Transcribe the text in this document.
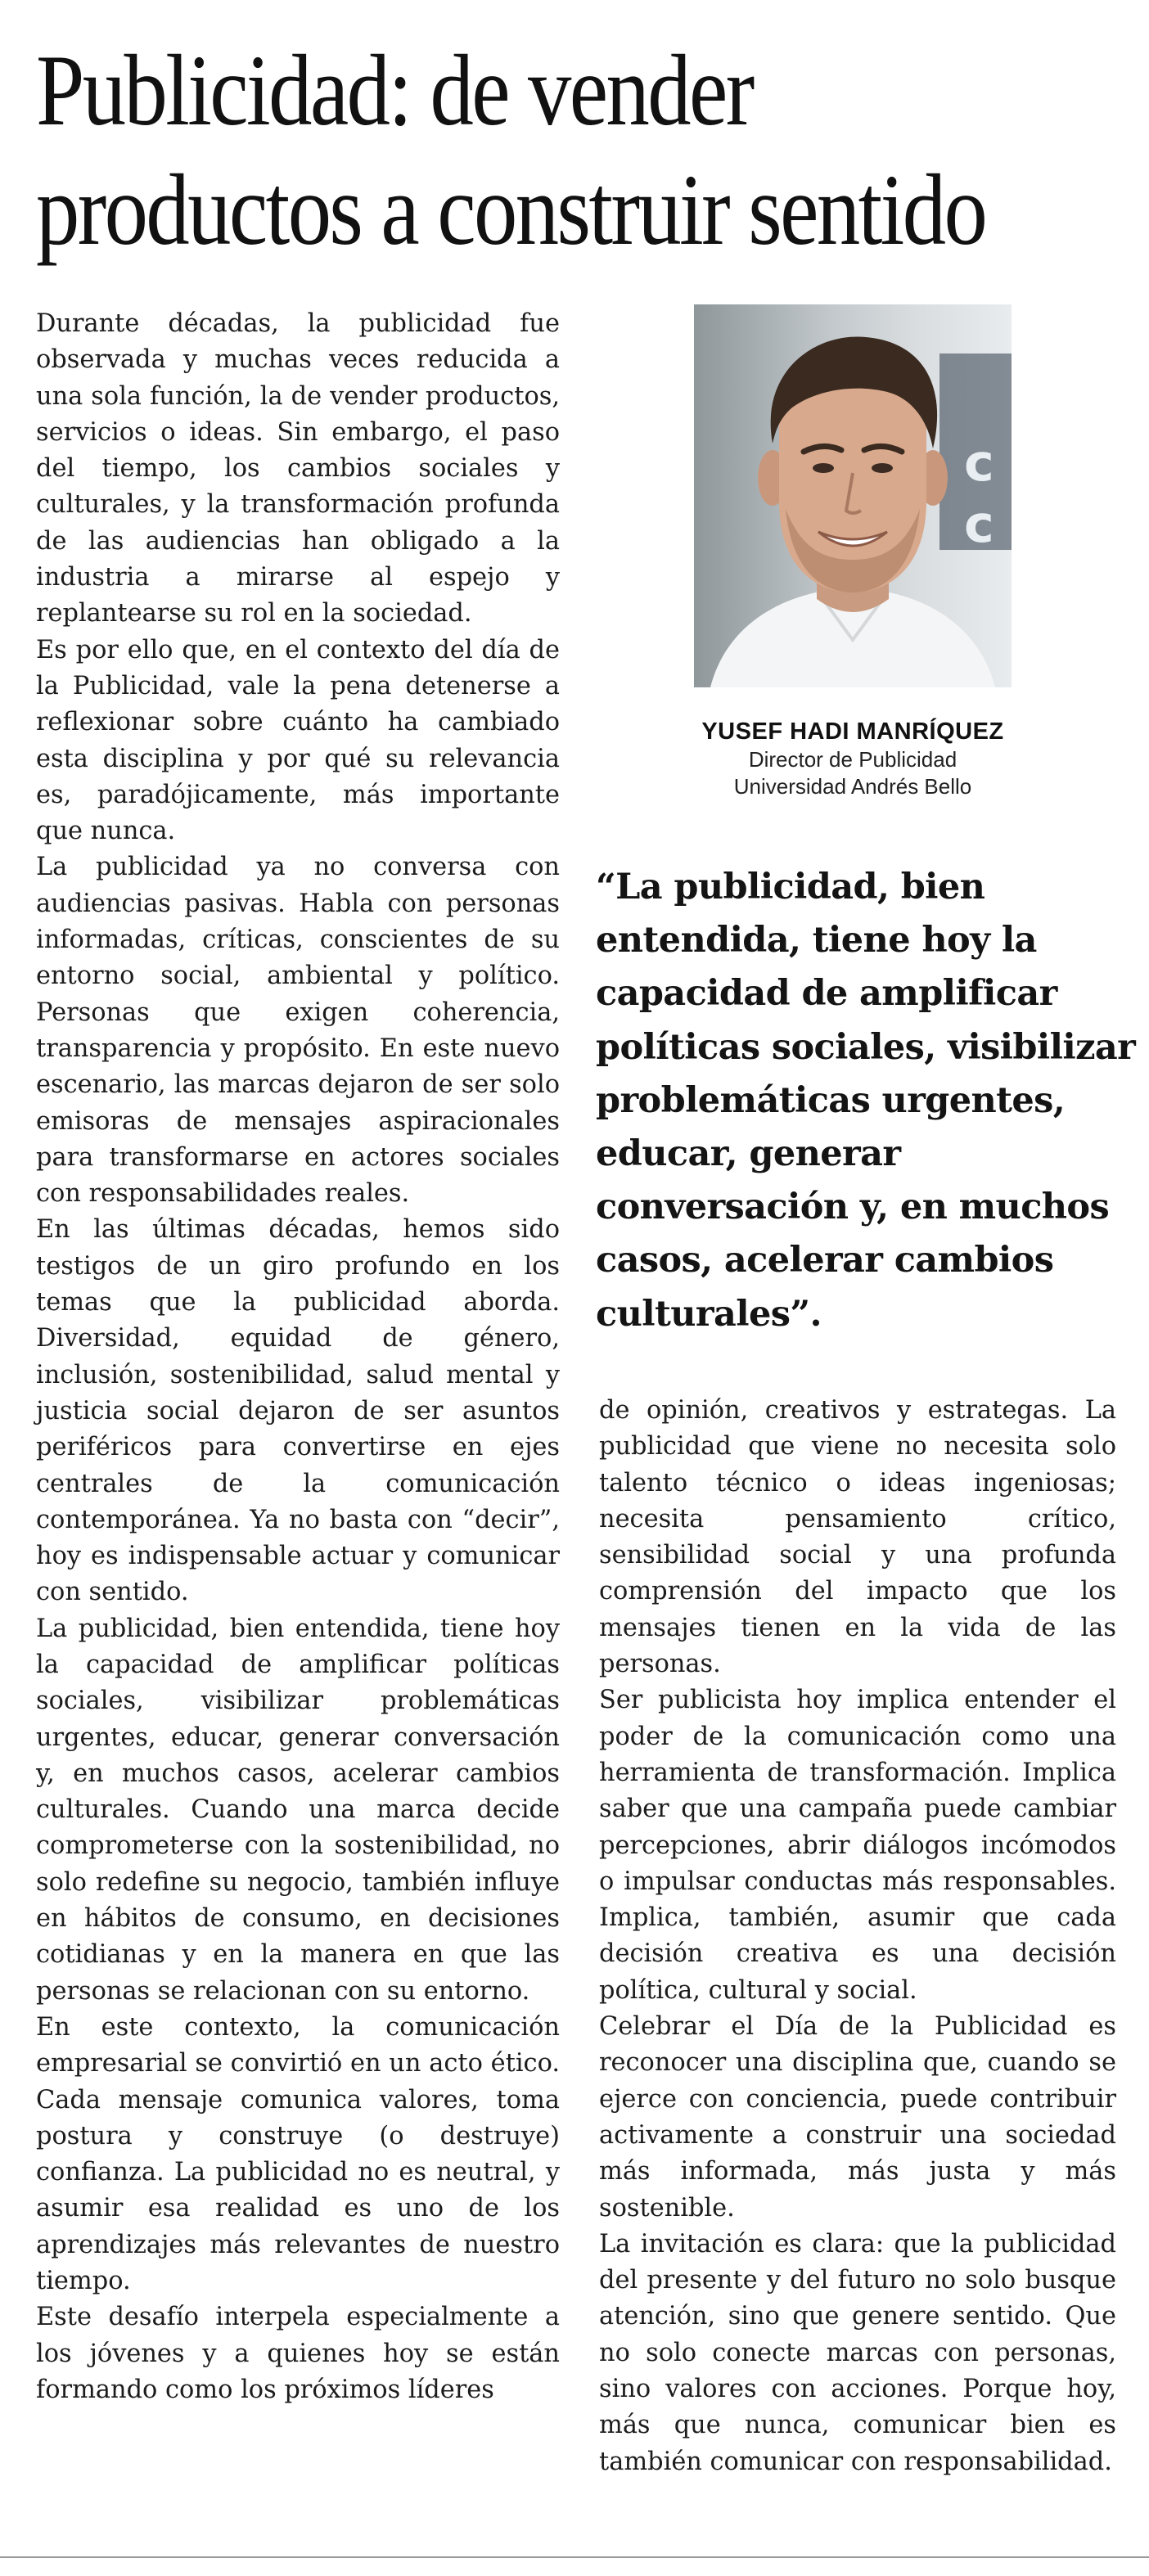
Publicidad: de vender
productos a construir sentido

Durante décadas, la publicidad fue observada y muchas veces reducida a una sola función, la de vender productos, servicios o ideas. Sin embargo, el paso del tiempo, los cambios sociales y culturales, y la transformación profunda de las audiencias han obligado a la industria a mirarse al espejo y replantearse su rol en la sociedad.

Es por ello que, en el contexto del día de la Publicidad, vale la pena detenerse a reflexionar sobre cuánto ha cambiado esta disciplina y por qué su relevancia es, paradójicamente, más importante que nunca.

La publicidad ya no conversa con audiencias pasivas. Habla con personas informadas, críticas, conscientes de su entorno social, ambiental y político. Personas que exigen coherencia, transparencia y propósito. En este nuevo escenario, las marcas dejaron de ser solo emisoras de mensajes aspiracionales para transformarse en actores sociales con responsabilidades reales.

En las últimas décadas, hemos sido testigos de un giro profundo en los temas que la publicidad aborda. Diversidad, equidad de género, inclusión, sostenibilidad, salud mental y justicia social dejaron de ser asuntos periféricos para convertirse en ejes centrales de la comunicación contemporánea. Ya no basta con “decir”, hoy es indispensable actuar y comunicar con sentido.

La publicidad, bien entendida, tiene hoy la capacidad de amplificar políticas sociales, visibilizar problemáticas urgentes, educar, generar conversación y, en muchos casos, acelerar cambios culturales. Cuando una marca decide comprometerse con la sostenibilidad, no solo redefine su negocio, también influye en hábitos de consumo, en decisiones cotidianas y en la manera en que las personas se relacionan con su entorno.

En este contexto, la comunicación empresarial se convirtió en un acto ético. Cada mensaje comunica valores, toma postura y construye (o destruye) confianza. La publicidad no es neutral, y asumir esa realidad es uno de los aprendizajes más relevantes de nuestro tiempo.

Este desafío interpela especialmente a los jóvenes y a quienes hoy se están formando como los próximos líderes

c
c
YUSEF HADI MANRÍQUEZ
Director de Publicidad
Universidad Andrés Bello
“La publicidad, bien
entendida, tiene hoy la
capacidad de amplificar
políticas sociales, visibilizar
problemáticas urgentes,
educar, generar
conversación y, en muchos
casos, acelerar cambios
culturales”.

de opinión, creativos y estrategas. La publicidad que viene no necesita solo talento técnico o ideas ingeniosas; necesita pensamiento crítico, sensibilidad social y una profunda comprensión del impacto que los mensajes tienen en la vida de las personas.

Ser publicista hoy implica entender el poder de la comunicación como una herramienta de transformación. Implica saber que una campaña puede cambiar percepciones, abrir diálogos incómodos o impulsar conductas más responsables. Implica, también, asumir que cada decisión creativa es una decisión política, cultural y social.

Celebrar el Día de la Publicidad es reconocer una disciplina que, cuando se ejerce con conciencia, puede contribuir activamente a construir una sociedad más informada, más justa y más sostenible.

La invitación es clara: que la publicidad del presente y del futuro no solo busque atención, sino que genere sentido. Que no solo conecte marcas con personas, sino valores con acciones. Porque hoy, más que nunca, comunicar bien es también comunicar con responsabilidad.
